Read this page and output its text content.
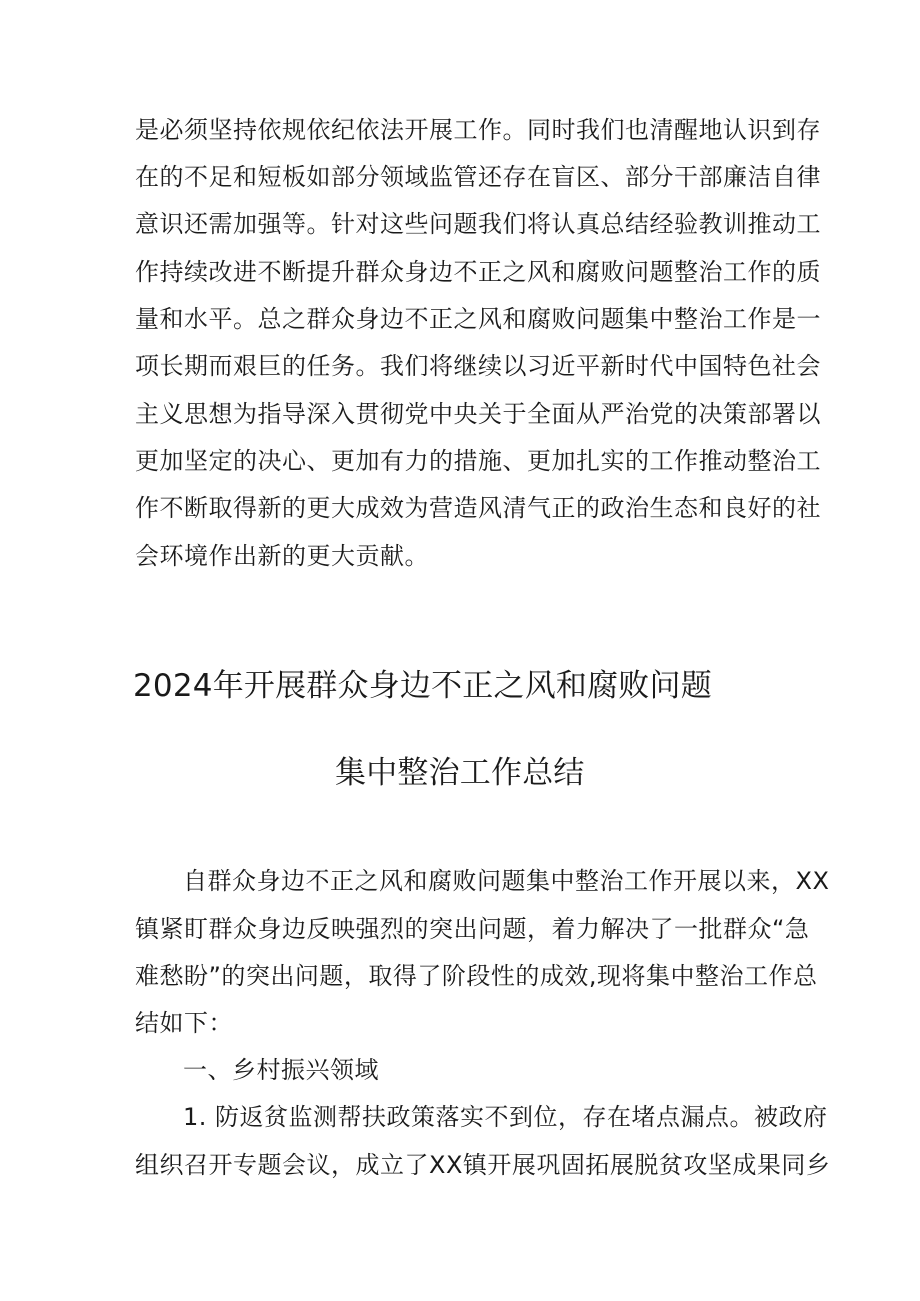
是必须坚持依规依纪依法开展工作。同时我们也清醒地认识到存
在的不足和短板如部分领域监管还存在盲区、部分干部廉洁自律
意识还需加强等。针对这些问题我们将认真总结经验教训推动工
作持续改进不断提升群众身边不正之风和腐败问题整治工作的质
量和水平。总之群众身边不正之风和腐败问题集中整治工作是一
项长期而艰巨的任务。我们将继续以习近平新时代中国特色社会
主义思想为指导深入贯彻党中央关于全面从严治党的决策部署以
更加坚定的决心、更加有力的措施、更加扎实的工作推动整治工
作不断取得新的更大成效为营造风清气正的政治生态和良好的社
会环境作出新的更大贡献。
2024年开展群众身边不正之风和腐败问题
集中整治工作总结
自群众身边不正之风和腐败问题集中整治工作开展以来，XX
镇紧盯群众身边反映强烈的突出问题，着力解决了一批群众“急
难愁盼”的突出问题，取得了阶段性的成效,现将集中整治工作总
结如下：
一、乡村振兴领域
1. 防返贫监测帮扶政策落实不到位，存在堵点漏点。被政府
组织召开专题会议，成立了XX镇开展巩固拓展脱贫攻坚成果同乡
